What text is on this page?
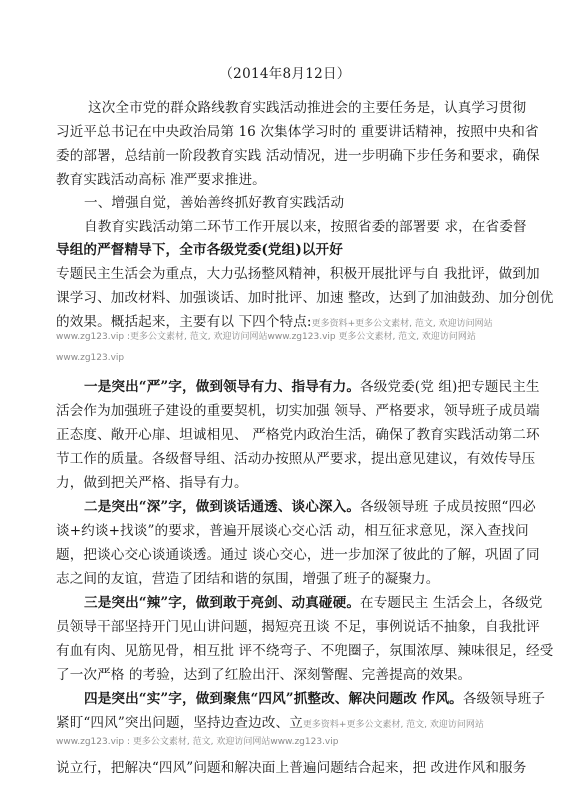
（2014年8月12日）
这次全市党的群众路线教育实践活动推进会的主要任务是，认真学习贯彻
习近平总书记在中央政治局第 16 次集体学习时的 重要讲话精神，按照中央和省
委的部署，总结前一阶段教育实践 活动情况，进一步明确下步任务和要求，确保
教育实践活动高标 准严要求推进。
一、增强自觉，善始善终抓好教育实践活动
自教育实践活动第二环节工作开展以来，按照省委的部署要 求，在省委督
导组的严督精导下，全市各级党委(党组)以开好
专题民主生活会为重点，大力弘扬整风精神，积极开展批评与自 我批评，做到加
课学习、加改材料、加强谈话、加时批评、加速 整改，达到了加油鼓劲、加分创优
的效果。概括起来，主要有以 下四个特点:更多资料+更多公文素材, 范文, 欢迎访问网站
www.zg123.vip :更多公文素材, 范文, 欢迎访问网站www.zg123.vip 更多公文素材, 范文, 欢迎访问网站
www.zg123.vip
一是突出“严”字，做到领导有力、指导有力。各级党委(党 组)把专题民主生
活会作为加强班子建设的重要契机，切实加强 领导、严格要求，领导班子成员端
正态度、敞开心扉、坦诚相见、 严格党内政治生活，确保了教育实践活动第二环
节工作的质量。各级督导组、活动办按照从严要求，提出意见建议，有效传导压
力，做到把关严格、指导有力。
二是突出“深”字，做到谈话通透、谈心深入。各级领导班 子成员按照“四必
谈+约谈+找谈”的要求，普遍开展谈心交心活 动，相互征求意见，深入查找问
题，把谈心交心谈通谈透。通过 谈心交心，进一步加深了彼此的了解，巩固了同
志之间的友谊，营造了团结和谐的氛围，增强了班子的凝聚力。
三是突出“辣”字，做到敢于亮剑、动真碰硬。在专题民主 生活会上，各级党
员领导干部坚持开门见山讲问题，揭短亮丑谈 不足，事例说话不抽象，自我批评
有血有肉、见筋见骨，相互批 评不绕弯子、不兜圈子，氛围浓厚、辣味很足，经受
了一次严格 的考验，达到了红脸出汗、深刻警醒、完善提高的效果。
四是突出“实”字，做到聚焦“四风”抓整改、解决问题改 作风。各级领导班子
紧盯“四风”突出问题，坚持边查边改、立更多资料+更多公文素材, 范文, 欢迎访问网站
www.zg123.vip : 更多公文素材, 范文, 欢迎访问网站www.zg123.vip
说立行，把解决“四风”问题和解决面上普遍问题结合起来，把 改进作风和服务
